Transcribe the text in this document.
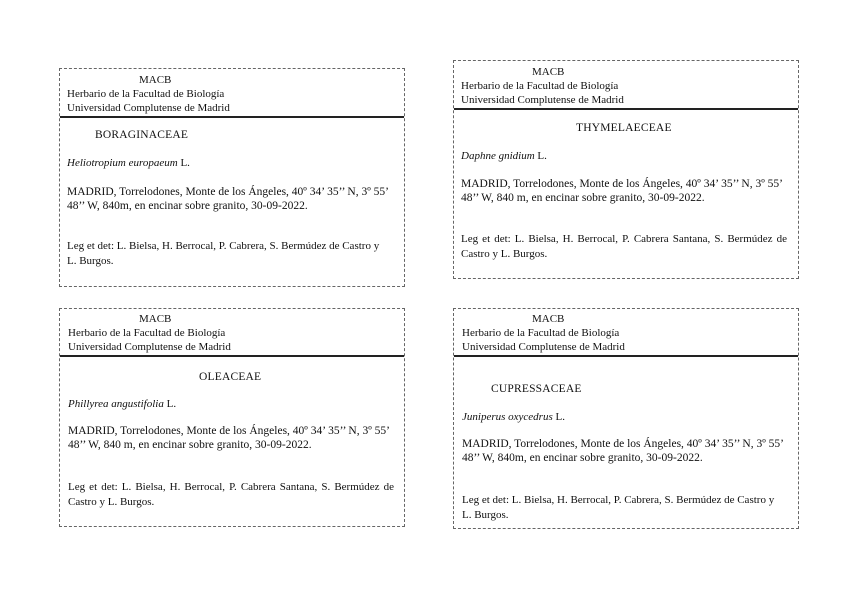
MACB
Herbario de la Facultad de Biología
Universidad Complutense de Madrid
BORAGINACEAE
Heliotropium europaeum L.
MADRID, Torrelodones, Monte de los Ángeles, 40º 34’ 35’’ N, 3º 55’ 48’’ W, 840m, en encinar sobre granito, 30-09-2022.
Leg et det: L. Bielsa, H. Berrocal, P. Cabrera, S. Bermúdez de Castro y L. Burgos.
MACB
Herbario de la Facultad de Biología
Universidad Complutense de Madrid
THYMELAECEAE
Daphne gnidium L.
MADRID, Torrelodones, Monte de los Ángeles, 40º 34’ 35’’ N, 3º 55’ 48’’ W, 840 m, en encinar sobre granito, 30-09-2022.
Leg et det: L. Bielsa, H. Berrocal, P. Cabrera Santana, S. Bermúdez de Castro y L. Burgos.
MACB
Herbario de la Facultad de Biología
Universidad Complutense de Madrid
OLEACEAE
Phillyrea angustifolia L.
MADRID, Torrelodones, Monte de los Ángeles, 40º 34’ 35’’ N, 3º 55’ 48’’ W, 840 m, en encinar sobre granito, 30-09-2022.
Leg et det: L. Bielsa, H. Berrocal, P. Cabrera Santana, S. Bermúdez de Castro y L. Burgos.
MACB
Herbario de la Facultad de Biología
Universidad Complutense de Madrid
CUPRESSACEAE
Juniperus oxycedrus L.
MADRID, Torrelodones, Monte de los Ángeles, 40º 34’ 35’’ N, 3º 55’ 48’’ W, 840m, en encinar sobre granito, 30-09-2022.
Leg et det: L. Bielsa, H. Berrocal, P. Cabrera, S. Bermúdez de Castro y L. Burgos.
